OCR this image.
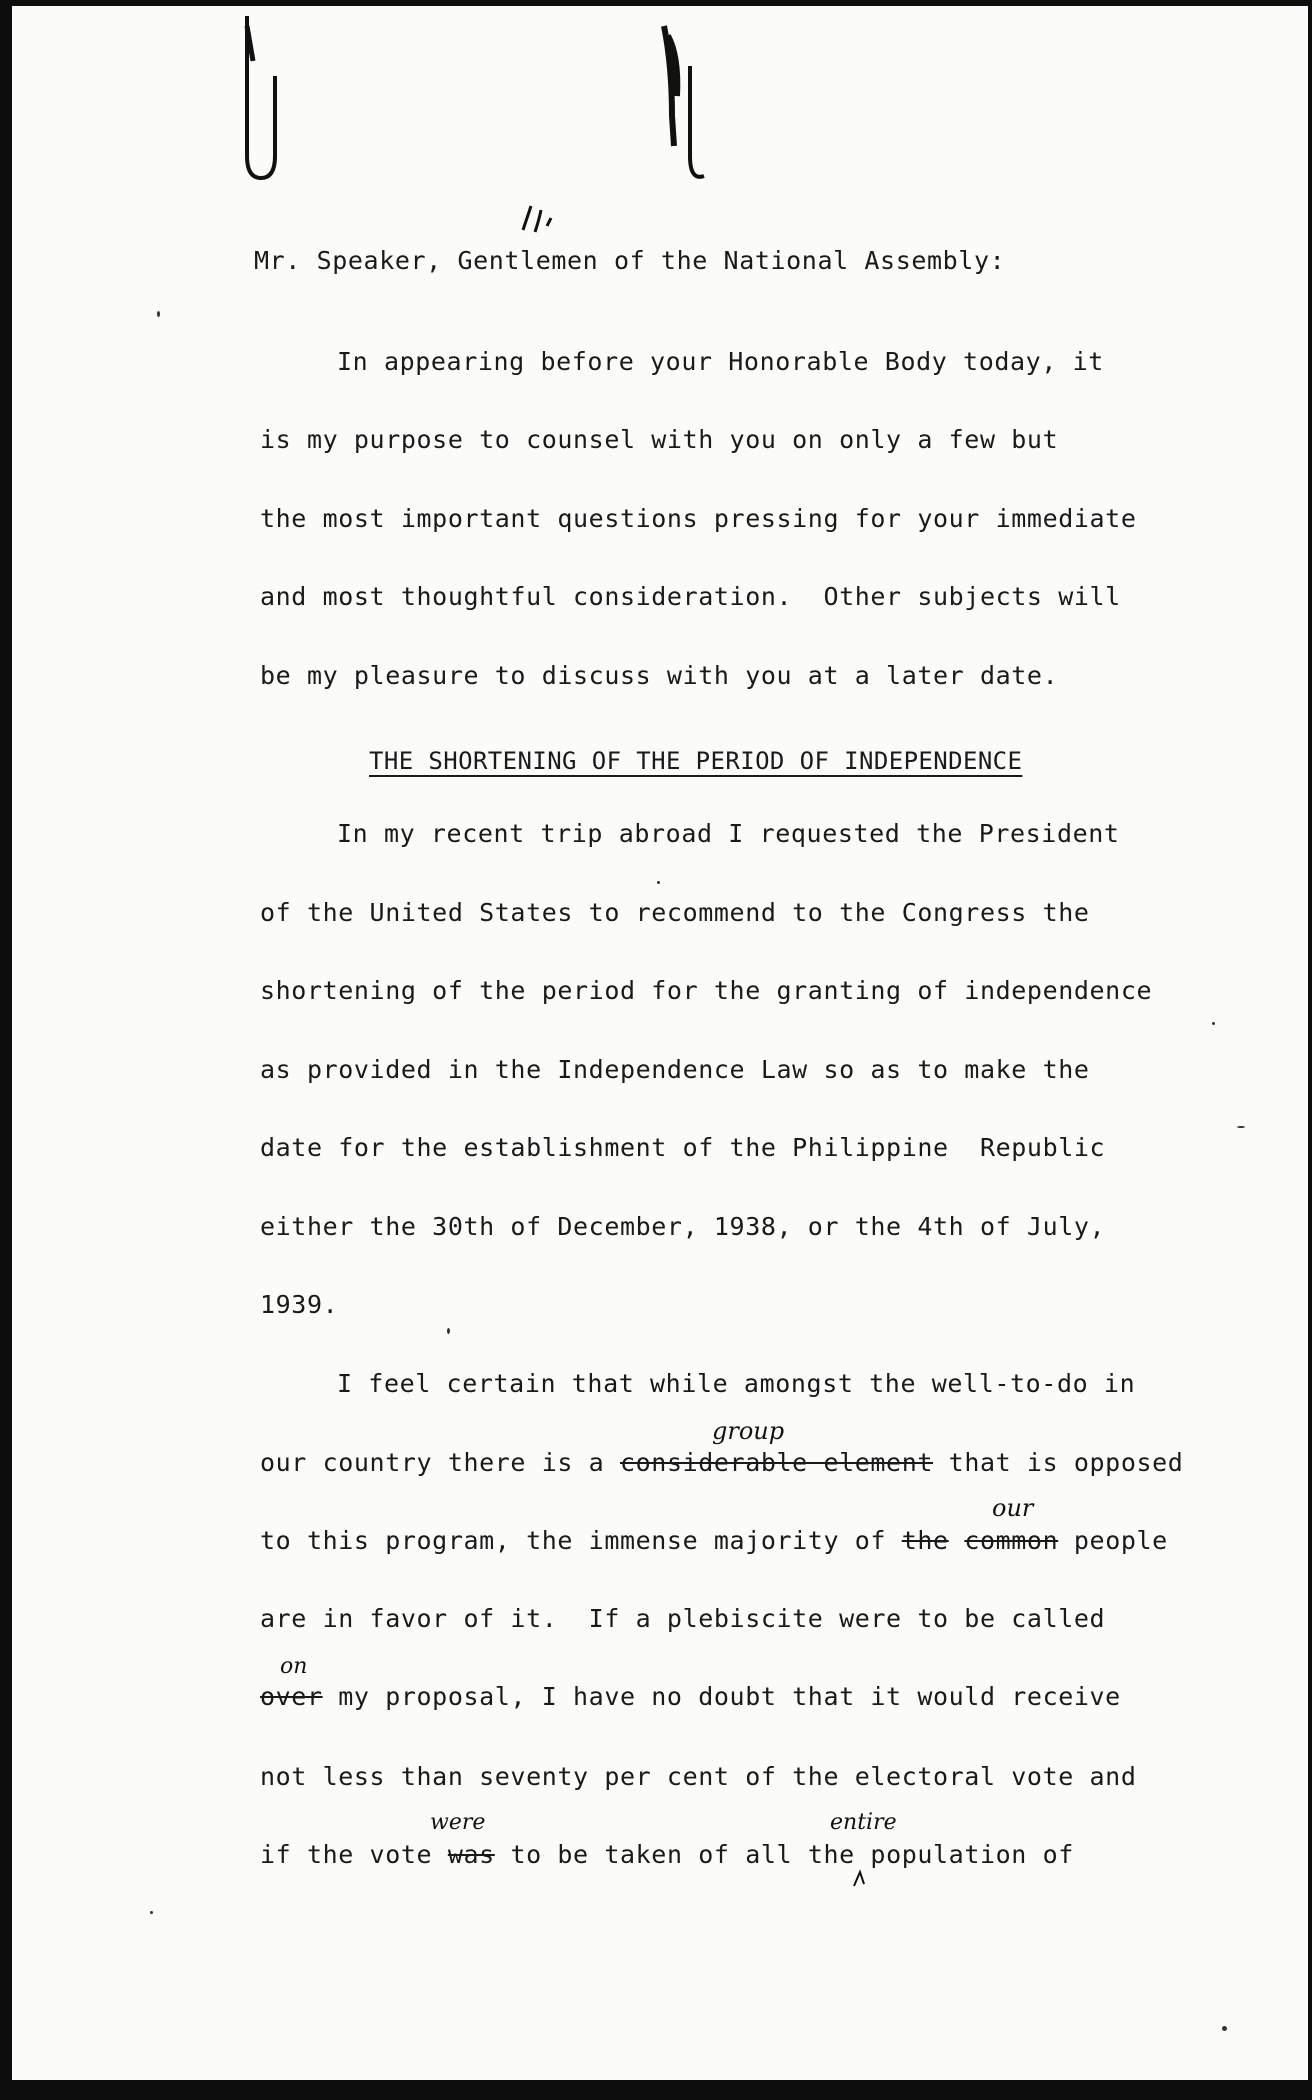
Mr. Speaker, Gentlemen of the National Assembly:
In appearing before your Honorable Body today, it
is my purpose to counsel with you on only a few but
the most important questions pressing for your immediate
and most thoughtful consideration.  Other subjects will
be my pleasure to discuss with you at a later date.
THE SHORTENING OF THE PERIOD OF INDEPENDENCE
In my recent trip abroad I requested the President
of the United States to recommend to the Congress the
shortening of the period for the granting of independence
as provided in the Independence Law so as to make the
date for the establishment of the Philippine  Republic
either the 30th of December, 1938, or the 4th of July,
1939.
I feel certain that while amongst the well-to-do in
our country there is a considerable element that is opposed
group
to this program, the immense majority of the common people
our
are in favor of it.  If a plebiscite were to be called
over my proposal, I have no doubt that it would receive
on
not less than seventy per cent of the electoral vote and
if the vote was to be taken of all the population of
were	entire
